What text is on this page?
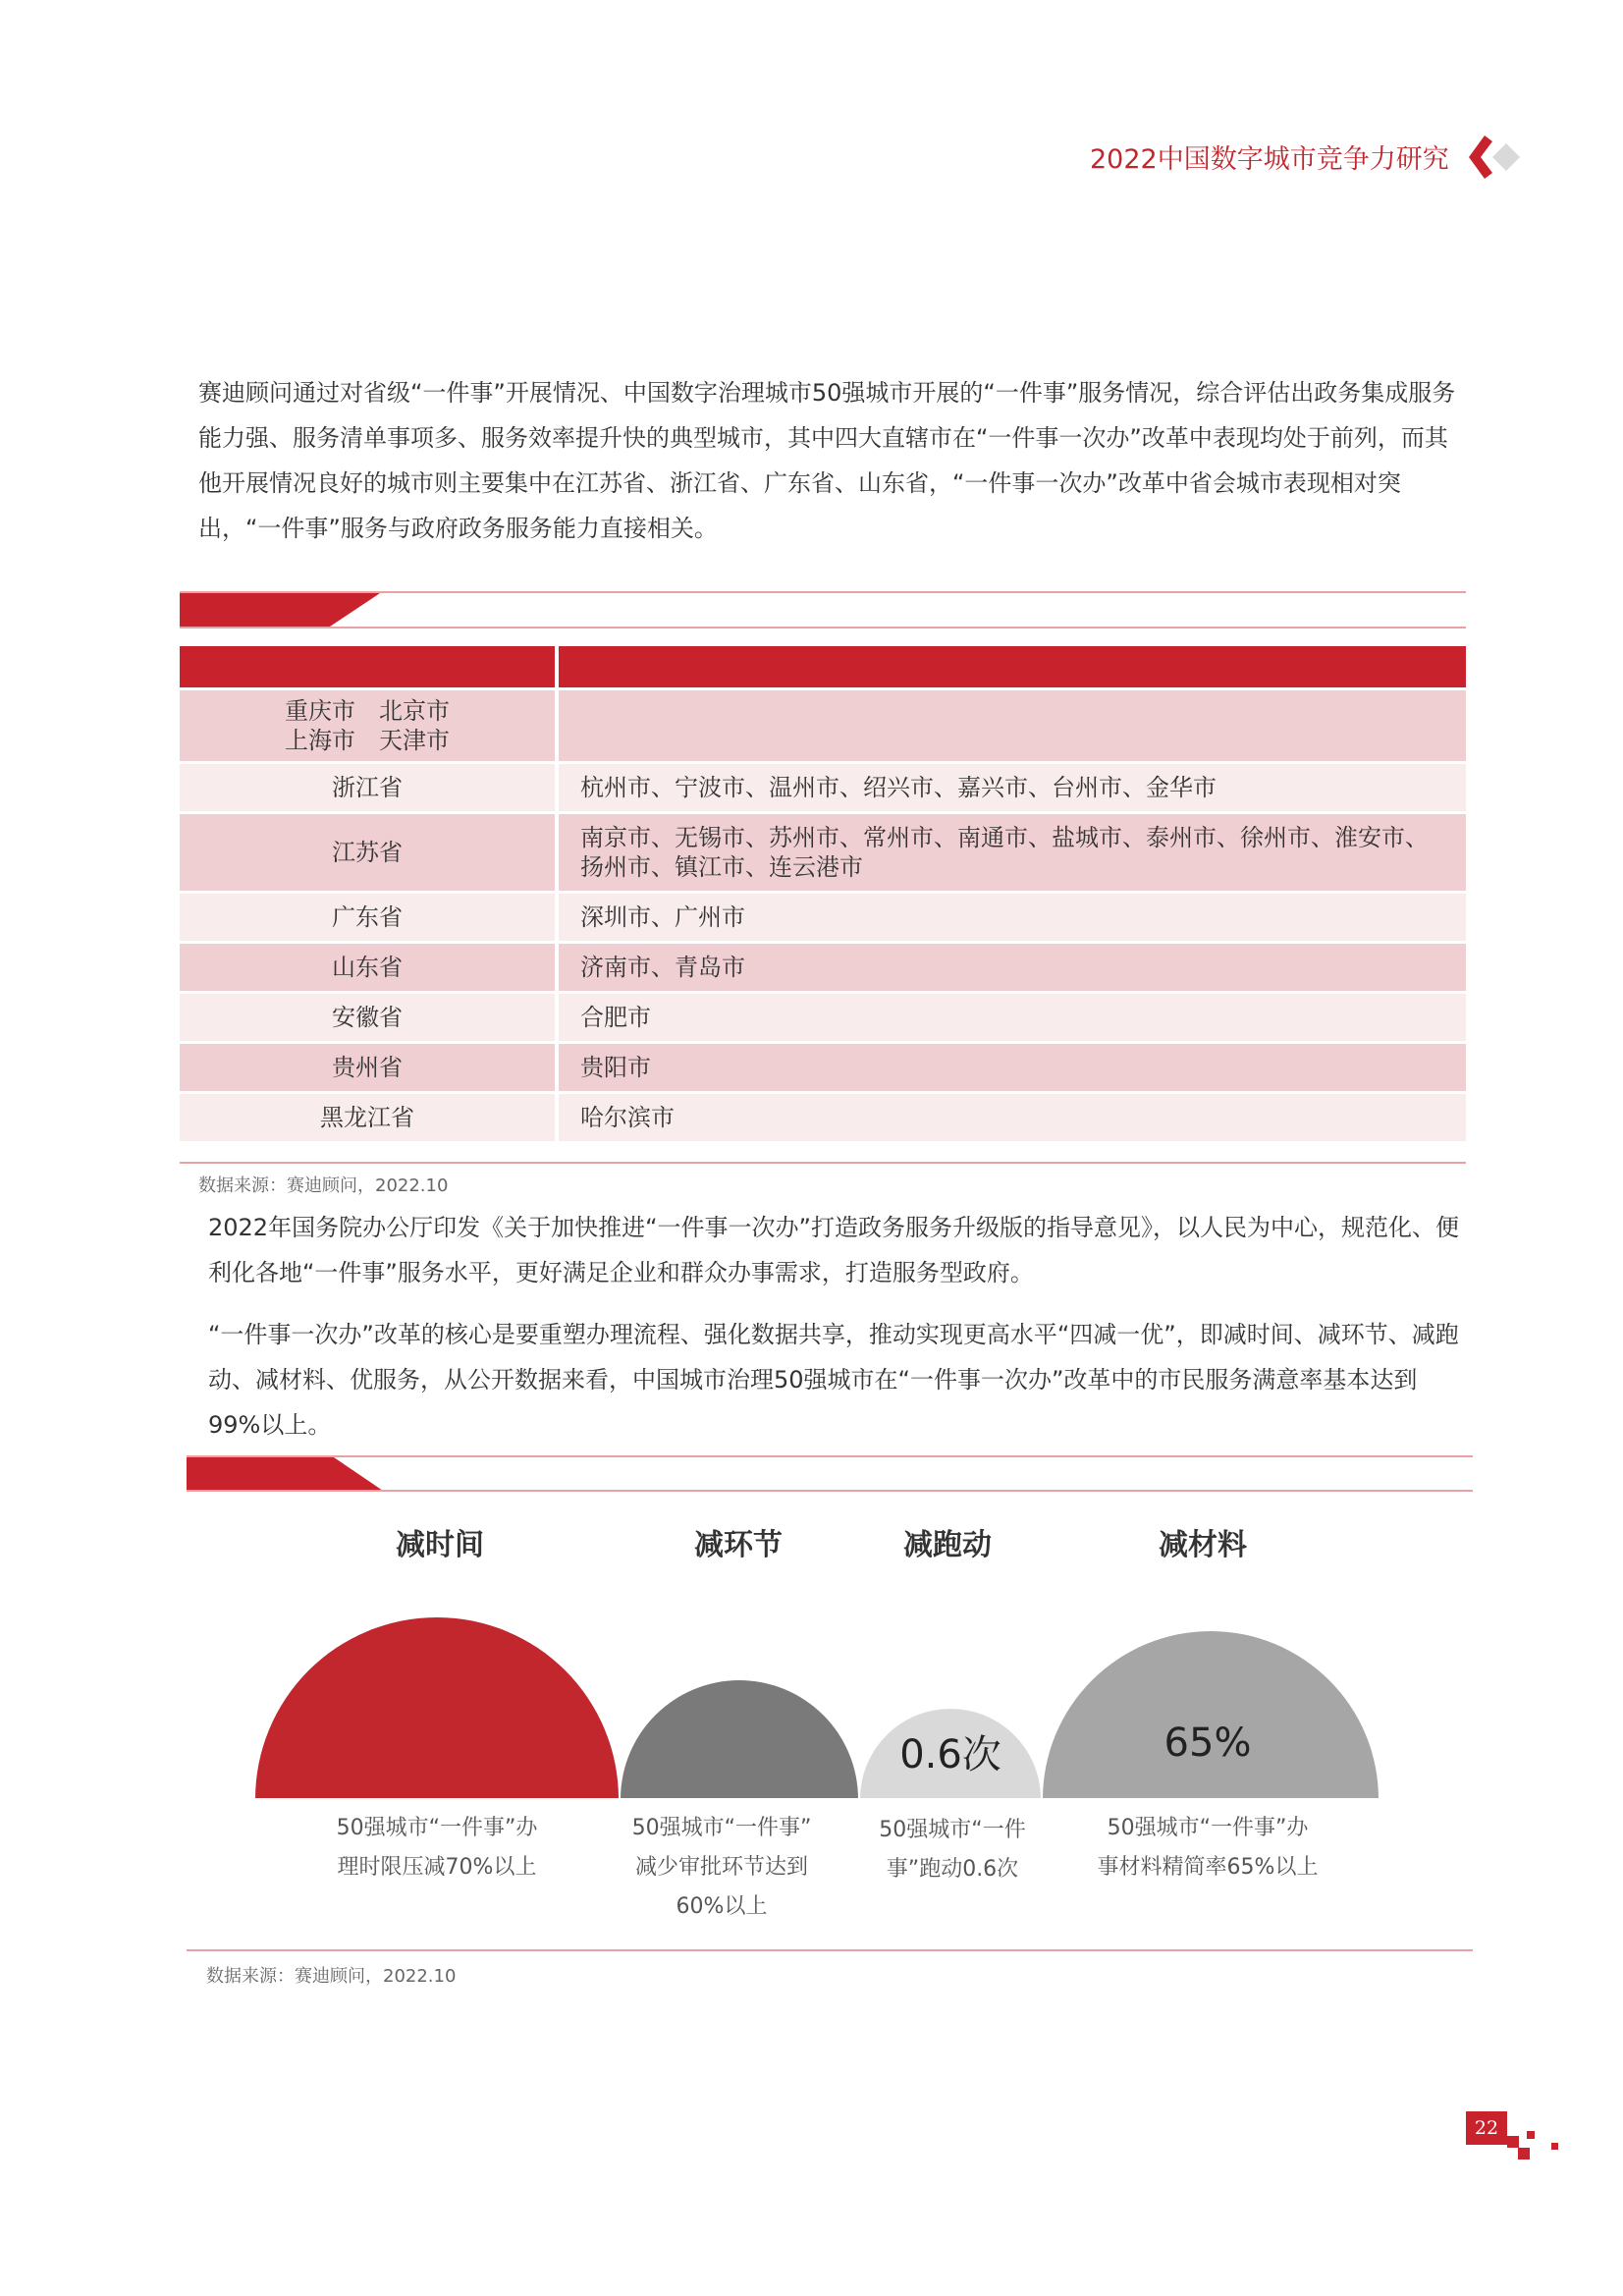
2022中国数字城市竞争力研究

赛迪顾问通过对省级“一件事”开展情况、中国数字治理城市50强城市开展的“一件事”服务情况，综合评估出政务集成服务能力强、服务清单事项多、服务效率提升快的典型城市，其中四大直辖市在“一件事一次办”改革中表现均处于前列，而其他开展情况良好的城市则主要集中在江苏省、浙江省、广东省、山东省，“一件事一次办”改革中省会城市表现相对突出，“一件事”服务与政府政务服务能力直接相关。

重庆市　北京市
上海市　天津市	
浙江省	杭州市、宁波市、温州市、绍兴市、嘉兴市、台州市、金华市
江苏省	南京市、无锡市、苏州市、常州市、南通市、盐城市、泰州市、徐州市、淮安市、扬州市、镇江市、连云港市
广东省	深圳市、广州市
山东省	济南市、青岛市
安徽省	合肥市
贵州省	贵阳市
黑龙江省	哈尔滨市
数据来源：赛迪顾问，2022.10

2022年国务院办公厅印发《关于加快推进“一件事一次办”打造政务服务升级版的指导意见》，以人民为中心，规范化、便利化各地“一件事”服务水平，更好满足企业和群众办事需求，打造服务型政府。

“一件事一次办”改革的核心是要重塑办理流程、强化数据共享，推动实现更高水平“四减一优”，即减时间、减环节、减跑动、减材料、优服务，从公开数据来看，中国城市治理50强城市在“一件事一次办”改革中的市民服务满意率基本达到99%以上。

减时间	减环节	减跑动	减材料
0.6次	65%
50强城市“一件事”办
理时限压减70%以上
50强城市“一件事”
减少审批环节达到
60%以上
50强城市“一件
事”跑动0.6次
50强城市“一件事”办
事材料精简率65%以上
数据来源：赛迪顾问，2022.10
22
